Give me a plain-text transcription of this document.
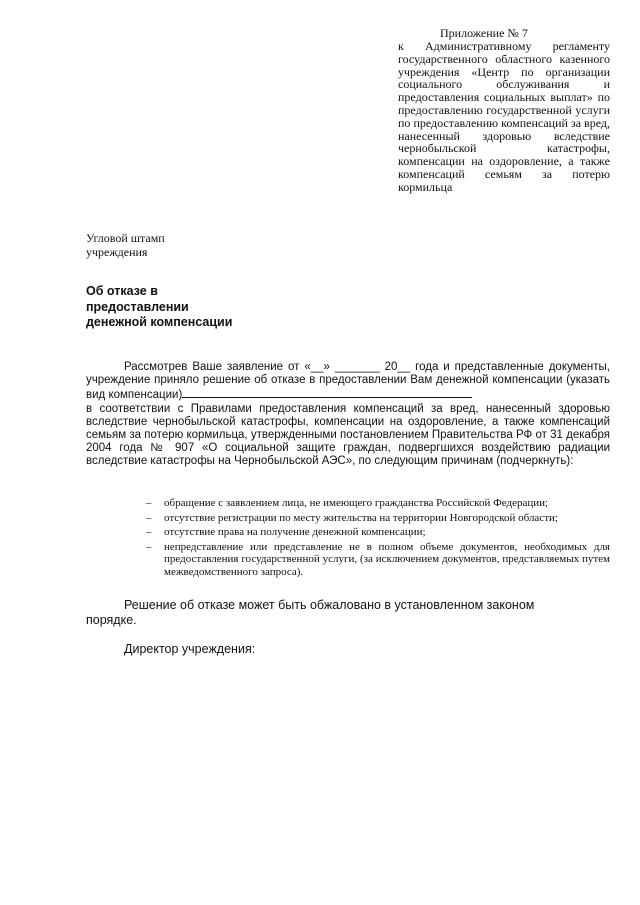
Приложение № 7
к Административному регламенту государственного областного казенного учреждения «Центр по организации социального обслуживания и предоставления социальных выплат» по предоставлению государственной услуги по предоставлению компенсаций за вред, нанесенный здоровью вследствие чернобыльской катастрофы, компенсации на оздоровление, а также компенсаций семьям за потерю кормильца
Угловой штамп
учреждения
Об отказе в
предоставлении
денежной компенсации
Рассмотрев Ваше заявление от «__» _______ 20__ года и представленные документы, учреждение приняло решение об отказе в предоставлении Вам денежной компенсации (указать вид компенсации)
в соответствии с Правилами предоставления компенсаций за вред, нанесенный здоровью вследствие чернобыльской катастрофы, компенсации на оздоровление, а также компенсаций семьям за потерю кормильца, утвержденными постановлением Правительства РФ от 31 декабря 2004 года № 907 «О социальной защите граждан, подвергшихся воздействию радиации вследствие катастрофы на Чернобыльской АЭС», по следующим причинам (подчеркнуть):
– обращение с заявлением лица, не имеющего гражданства Российской Федерации;
– отсутствие регистрации по месту жительства на территории Новгородской области;
– отсутствие права на получение денежной компенсации;
– непредставление или представление не в полном объеме документов, необходимых для предоставления государственной услуги, (за исключением документов, представляемых путем межведомственного запроса).
Решение об отказе может быть обжаловано в установленном законом порядке.
Директор учреждения:
